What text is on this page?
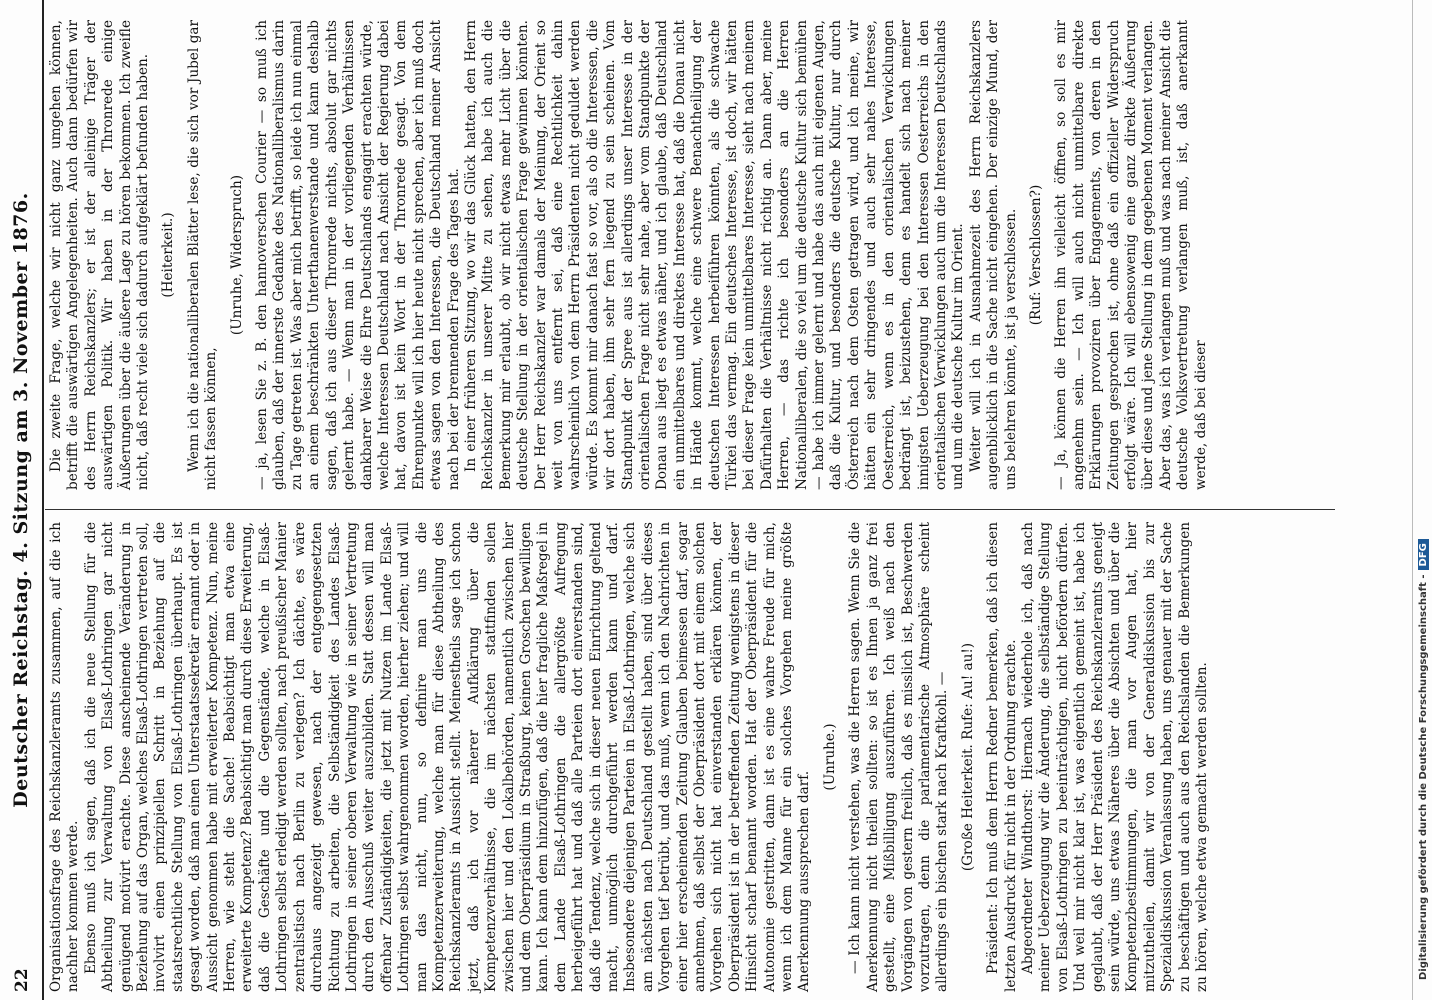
22
Deutscher Reichstag. 4. Sitzung am 3. November 1876. Organisationsfrage des Reichskanzleramts zusammen, auf die ich nachher kommen werde. Ebenso muß ich sagen, daß ich die neue Stellung für die Abtheilung zur Verwaltung von Elsaß-Lothringen gar nicht genügend motivirt erachte. Diese anscheinende Veränderung in Beziehung auf das Organ, welches Elsaß-Lothringen vertreten soll, involvirt einen prinzipiellen Schritt in Beziehung auf die staatsrechtliche Stellung von Elsaß-Lothringen überhaupt. Es ist gesagt worden, daß man einen Unterstaatssekretär ernannt oder in Aussicht genommen habe mit erweiterter Kompetenz. Nun, meine Herren, wie steht die Sache! Beabsichtigt man etwa eine erweiterte Kompetenz? Beabsichtigt man durch diese Erweiterung, daß die Geschäfte und die Gegenstände, welche in Elsaß-Lothringen selbst erledigt werden sollten, nach preußischer Manier zentralistisch nach Berlin zu verlegen? Ich dächte, es wäre durchaus angezeigt gewesen, nach der entgegengesetzten Richtung zu arbeiten, die Selbständigkeit des Landes Elsaß-Lothringen in seiner oberen Verwaltung wie in seiner Vertretung durch den Ausschuß weiter auszubilden. Statt dessen will man offenbar Zuständigkeiten, die jetzt mit Nutzen im Lande Elsaß-Lothringen selbst wahrgenommen worden, hierher ziehen; und will man das nicht, nun, so definire man uns die Kompetenzerweiterung, welche man für diese Abtheilung des Reichskanzleramts in Aussicht stellt. Meinestheils sage ich schon jetzt, daß ich vor näherer Aufklärung über die Kompetenzverhältnisse, die im nächsten stattfinden sollen zwischen hier und den Lokalbehörden, namentlich zwischen hier und dem Oberpräsidium in Straßburg, keinen Groschen bewilligen kann. Ich kann dem hinzufügen, daß die hier fragliche Maßregel in dem Lande Elsaß-Lothringen die allergrößte Aufregung herbeigeführt hat und daß alle Parteien dort einverstanden sind, daß die Tendenz, welche sich in dieser neuen Einrichtung geltend macht, unmöglich durchgeführt werden kann und darf. Insbesondere diejenigen Parteien in Elsaß-Lothringen, welche sich am nächsten nach Deutschland gestellt haben, sind über dieses Vorgehen tief betrübt, und das muß, wenn ich den Nachrichten in einer hier erscheinenden Zeitung Glauben beimessen darf, sogar annehmen, daß selbst der Oberpräsident dort mit einem solchen Vorgehen sich nicht hat einverstanden erklären können, der Oberpräsident ist in der betreffenden Zeitung wenigstens in dieser Hinsicht scharf benannt worden. Hat der Oberpräsident für die Autonomie gestritten, dann ist es eine wahre Freude für mich, wenn ich dem Manne für ein solches Vorgehen meine größte Anerkennung aussprechen darf.

(Unruhe.) — Ich kann nicht verstehen, was die Herren sagen. Wenn Sie die Anerkennung nicht theilen sollten: so ist es Ihnen ja ganz frei gestellt, eine Mißbilligung auszuführen. Ich weiß nach den Vorgängen von gestern freilich, daß es misslich ist, Beschwerden vorzutragen, denn die parlamentarische Atmosphäre scheint allerdings ein bischen stark nach Kraftkohl. — (Große Heiterkeit. Rufe: Au! au!) Präsident: Ich muß dem Herrn Redner bemerken, daß ich diesen letzten Ausdruck für nicht in der Ordnung erachte. Abgeordneter Windthorst: Hiernach wiederhole ich, daß nach meiner Ueberzeugung wir die Änderung, die selbständige Stellung von Elsaß-Lothringen zu beeinträchtigen, nicht befördern dürfen. Und weil mir nicht klar ist, was eigentlich gemeint ist, habe ich geglaubt, daß der Herr Präsident des Reichskanzleramts geneigt sein würde, uns etwas Näheres über die Absichten und über die Kompetenzbestimmungen, die man vor Augen hat, hier mitzutheilen, damit wir von der Generaldiskussion bis zur Spezialdiskussion Veranlassung haben, uns genauer mit der Sache zu beschäftigen und auch aus den Reichslanden die Bemerkungen zu hören, welche etwa gemacht werden sollten.

Die zweite Frage, welche wir nicht ganz umgehen können, betrifft die auswärtigen Angelegenheiten. Auch dann bedürfen wir des Herrn Reichskanzlers; er ist der alleinige Träger der auswärtigen Politik. Wir haben in der Thronrede einige Äußerungen über die äußere Lage zu hören bekommen. Ich zweifle nicht, daß recht viele sich dadurch aufgeklärt befunden haben. (Heiterkeit.) Wenn ich die nationalliberalen Blätter lese, die sich vor Jubel gar nicht fassen können,

(Unruhe, Widerspruch) — ja, lesen Sie z. B. den hannoverschen Courier — so muß ich glauben, daß der innerste Gedanke des Nationalliberalismus darin zu Tage getreten ist. Was aber mich betrifft, so leide ich nun einmal an einem beschränkten Unterthanenverstande und kann deshalb sagen, daß ich aus dieser Thronrede nichts, absolut gar nichts gelernt habe. — Wenn man in der vorliegenden Verhältnissen dankbarer Weise die Ehre Deutschlands engagirt erachten würde, welche Interessen Deutschland nach Ansicht der Regierung dabei hat, davon ist kein Wort in der Thronrede gesagt. Von dem Ehrenpunkte will ich hier heute nicht sprechen, aber ich muß doch etwas sagen von den Interessen, die Deutschland meiner Ansicht nach bei der brennenden Frage des Tages hat. In einer früheren Sitzung, wo wir das Glück hatten, den Herrn Reichskanzler in unserer Mitte zu sehen, habe ich auch die Bemerkung mir erlaubt, ob wir nicht etwas mehr Licht über die deutsche Stellung in der orientalischen Frage gewinnen könnten. Der Herr Reichskanzler war damals der Meinung, der Orient so weit von uns entfernt sei, daß eine Rechtlichkeit dahin wahrscheinlich von dem Herrn Präsidenten nicht geduldet werden würde. Es kommt mir danach fast so vor, als ob die Interessen, die wir dort haben, ihm sehr fern liegend zu sein scheinen. Vom Standpunkt der Spree aus ist allerdings unser Interesse in der orientalischen Frage nicht sehr nahe, aber vom Standpunkte der Donau aus liegt es etwas näher, und ich glaube, daß Deutschland ein unmittelbares und direktes Interesse hat, daß die Donau nicht in Hände kommt, welche eine schwere Benachtheiligung der deutschen Interessen herbeiführen könnten, als die schwache Türkei das vermag. Ein deutsches Interesse, ist doch, wir hätten bei dieser Frage kein unmittelbares Interesse, sieht nach meinem Dafürhalten die Verhältnisse nicht richtig an. Dann aber, meine Herren, — das richte ich besonders an die Herren Nationalliberalen, die so viel um die deutsche Kultur sich bemühen — habe ich immer gelernt und habe das auch mit eigenen Augen, daß die Kultur, und besonders die deutsche Kultur, nur durch Österreich nach dem Osten getragen wird, und ich meine, wir hätten ein sehr dringendes und auch sehr nahes Interesse, Oesterreich, wenn es in den orientalischen Verwicklungen bedrängt ist, beizustehen, denn es handelt sich nach meiner innigsten Ueberzeugung bei den Interessen Oesterreichs in den orientalischen Verwicklungen auch um die Interessen Deutschlands und um die deutsche Kultur im Orient. Weiter will ich in Ausnahmezeit des Herrn Reichskanzlers augenblicklich in die Sache nicht eingehen. Der einzige Mund, der uns belehren könnte, ist ja verschlossen. (Ruf: Verschlossen?) — Ja, können die Herren ihn vielleicht öffnen, so soll es mir angenehm sein. — Ich will auch nicht unmittelbare direkte Erklärungen provoziren über Engagements, von deren in den Zeitungen gesprochen ist, ohne daß ein offizieller Widerspruch erfolgt wäre. Ich will ebensowenig eine ganz direkte Äußerung über diese und jene Stellung in dem gegebenen Moment verlangen. Aber das, was ich verlangen muß und was nach meiner Ansicht die deutsche Volksvertretung verlangen muß, ist, daß anerkannt werde, daß bei dieser

Digitalisierung gefördert durch die Deutsche Forschungsgemeinschaft -DFG
